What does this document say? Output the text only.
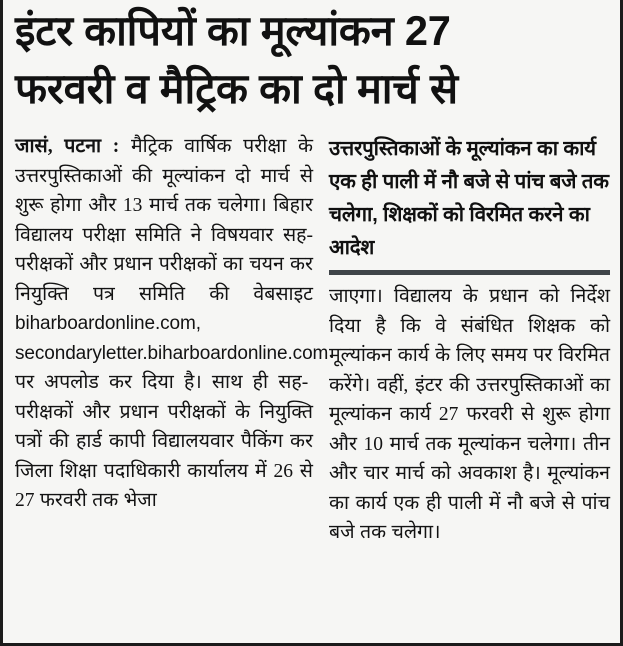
इंटर कापियों का मूल्यांकन 27
फरवरी व मैट्रिक का दो मार्च से

जासं, पटना : मैट्रिक वार्षिक परीक्षा के उत्तरपुस्तिकाओं की मूल्यांकन दो मार्च से शुरू होगा और 13 मार्च तक चलेगा। बिहार विद्यालय परीक्षा समिति ने विषयवार सह-परीक्षकों और प्रधान परीक्षकों का चयन कर नियुक्ति पत्र समिति की वेबसाइट biharboardonline.com, secondaryletter.biharboardonline.com पर अपलोड कर दिया है। साथ ही सह-परीक्षकों और प्रधान परीक्षकों के नियुक्ति पत्रों की हार्ड कापी विद्यालयवार पैकिंग कर जिला शिक्षा पदाधिकारी कार्यालय में 26 से 27 फरवरी तक भेजा

उत्तरपुस्तिकाओं के मूल्यांकन का कार्य एक ही पाली में नौ बजे से पांच बजे तक चलेगा, शिक्षकों को विरमित करने का आदेश

जाएगा। विद्यालय के प्रधान को निर्देश दिया है कि वे संबंधित शिक्षक को मूल्यांकन कार्य के लिए समय पर विरमित करेंगे। वहीं, इंटर की उत्तरपुस्तिकाओं का मूल्यांकन कार्य 27 फरवरी से शुरू होगा और 10 मार्च तक मूल्यांकन चलेगा। तीन और चार मार्च को अवकाश है। मूल्यांकन का कार्य एक ही पाली में नौ बजे से पांच बजे तक चलेगा।
